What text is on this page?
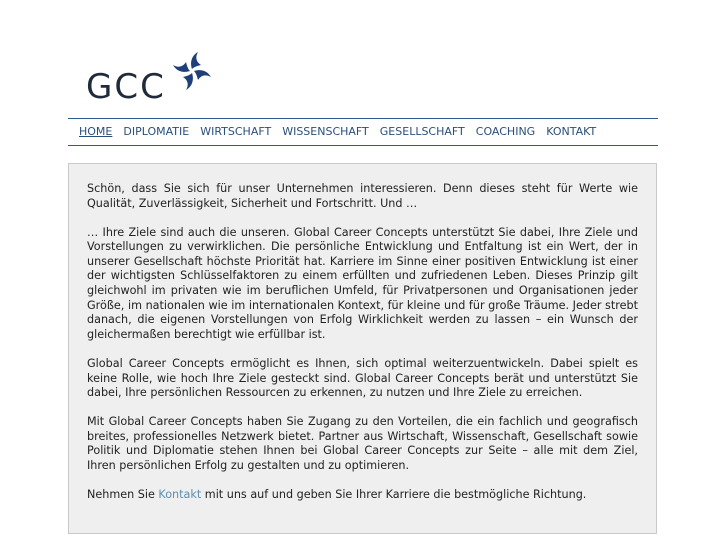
GCC
HOME DIPLOMATIE WIRTSCHAFT WISSENSCHAFT GESELLSCHAFT COACHING KONTAKT

Schön, dass Sie sich für unser Unternehmen interessieren. Denn dieses steht für Werte wie Qualität, Zuverlässigkeit, Sicherheit und Fortschritt. Und …

… Ihre Ziele sind auch die unseren. Global Career Concepts unterstützt Sie dabei, Ihre Ziele und Vorstellungen zu verwirklichen. Die persönliche Entwicklung und Entfaltung ist ein Wert, der in unserer Gesellschaft höchste Priorität hat. Karriere im Sinne einer positiven Entwicklung ist einer der wichtigsten Schlüsselfaktoren zu einem erfüllten und zufriedenen Leben. Dieses Prinzip gilt gleichwohl im privaten wie im beruflichen Umfeld, für Privatpersonen und Organisationen jeder Größe, im nationalen wie im internationalen Kontext, für kleine und für große Träume. Jeder strebt danach, die eigenen Vorstellungen von Erfolg Wirklichkeit werden zu lassen – ein Wunsch der gleichermaßen berechtigt wie erfüllbar ist.

Global Career Concepts ermöglicht es Ihnen, sich optimal weiterzuentwickeln. Dabei spielt es keine Rolle, wie hoch Ihre Ziele gesteckt sind. Global Career Concepts berät und unterstützt Sie dabei, Ihre persönlichen Ressourcen zu erkennen, zu nutzen und Ihre Ziele zu erreichen.

Mit Global Career Concepts haben Sie Zugang zu den Vorteilen, die ein fachlich und geografisch breites, professionelles Netzwerk bietet. Partner aus Wirtschaft, Wissenschaft, Gesellschaft sowie Politik und Diplomatie stehen Ihnen bei Global Career Concepts zur Seite – alle mit dem Ziel, Ihren persönlichen Erfolg zu gestalten und zu optimieren.

Nehmen Sie Kontakt mit uns auf und geben Sie Ihrer Karriere die bestmögliche Richtung.
